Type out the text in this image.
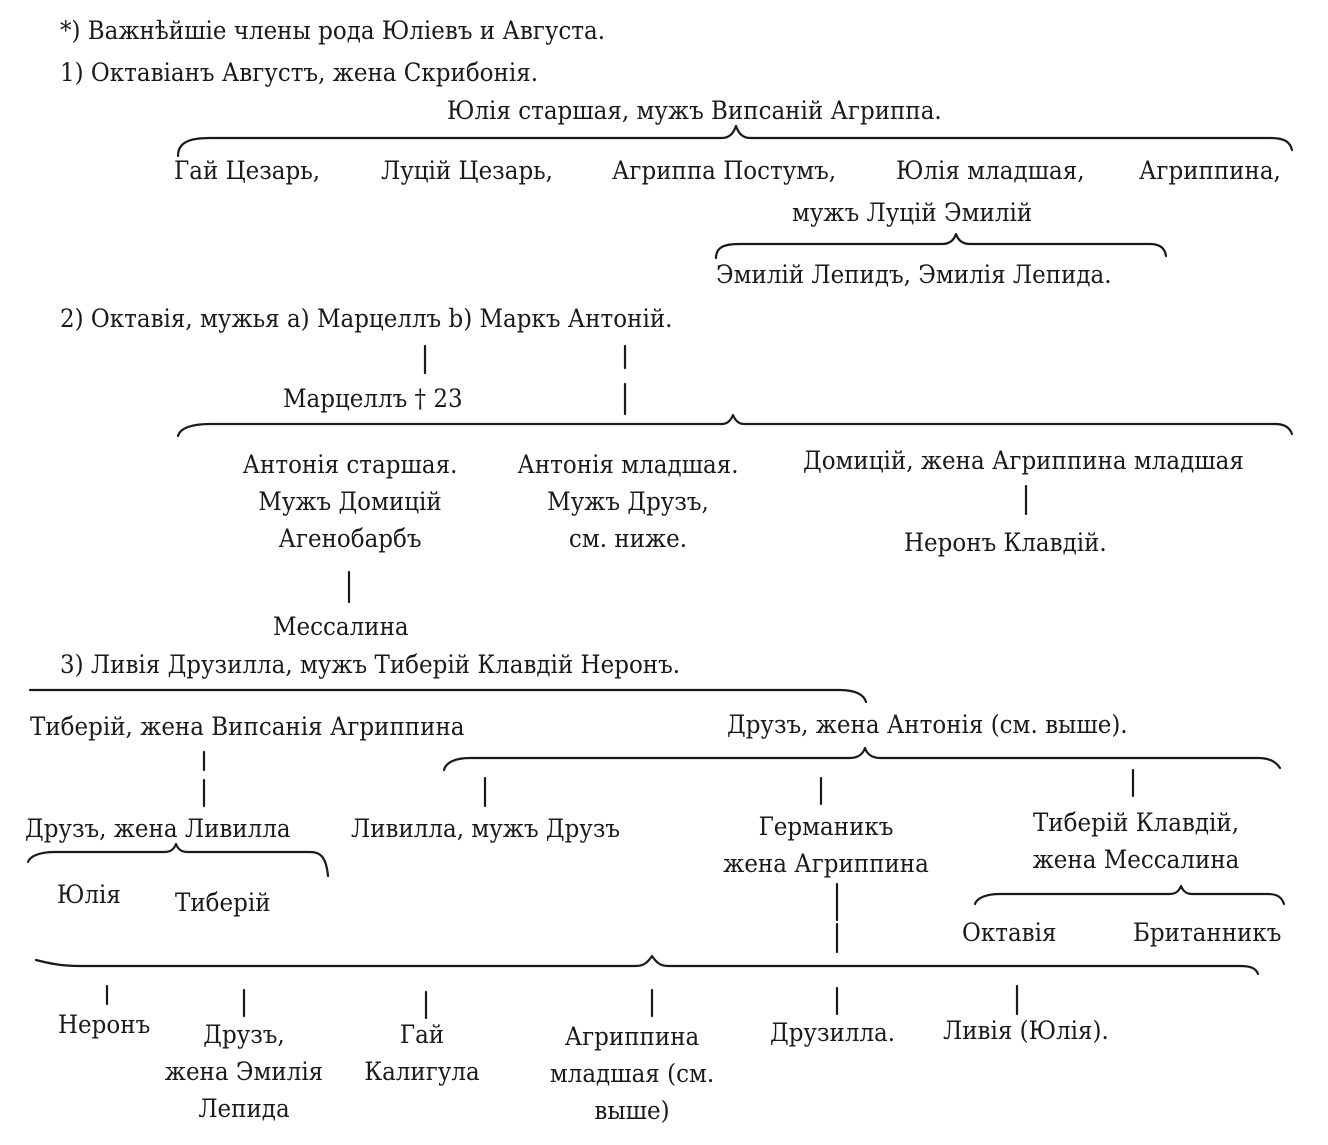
*) Важнѣйшіе члены рода Юліевъ и Августа.
1) Октавіанъ Августъ, жена Скрибонія.
Юлія старшая, мужъ Випсаній Агриппа.
Гай Цезарь, Луцій Цезарь, Агриппа Постумъ, Юлія младшая, Агриппина,
мужъ Луцій Эмилій
Эмилій Лепидъ, Эмилія Лепида.
2) Октавія, мужья а) Марцеллъ b) Маркъ Антоній.
Марцеллъ † 23
Антонія старшая.
Мужъ Домицій
Агенобарбъ
Антонія младшая.
Мужъ Друзъ,
см. ниже.
Домицій, жена Агриппина младшая
Неронъ Клавдій.
Мессалина
3) Ливія Друзилла, мужъ Тиберій Клавдій Неронъ.
Тиберій, жена Випсанія Агриппина	Друзъ, жена Антонія (см. выше).
Друзъ, жена Ливилла Ливилла, мужъ Друзъ	Германикъ
жена Агриппина
Тиберій Клавдій,
жена Мессалина
Юлія Тиберій
Октавія	Британникъ
Неронъ	Друзъ,
жена Эмилія
Лепида
Гай
Калигула
Агриппина
младшая (см.
выше)
Друзилла. Ливія (Юлія).
